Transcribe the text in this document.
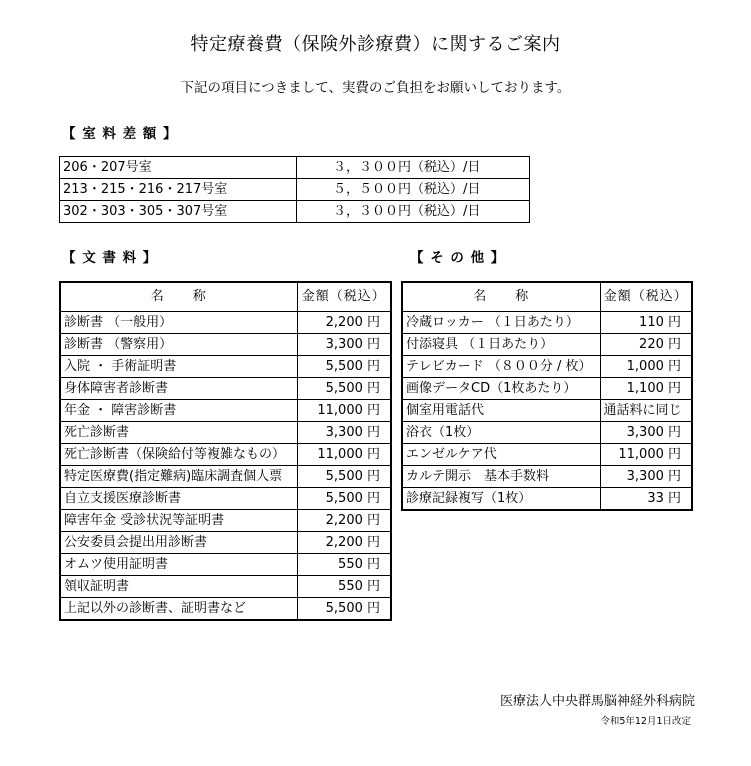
特定療養費（保険外診療費）に関するご案内
下記の項目につきまして、実費のご負担をお願いしております。
【 室 料 差 額 】
206・207号室	３，３００円（税込）/日
213・215・216・217号室	５，５００円（税込）/日
302・303・305・307号室	３，３００円（税込）/日
【 文 書 料 】
名　　称	金額（税込）
診断書 （一般用）	2,200 円
診断書 （警察用）	3,300 円
入院 ・ 手術証明書	5,500 円
身体障害者診断書	5,500 円
年金 ・ 障害診断書	11,000 円
死亡診断書	3,300 円
死亡診断書（保険給付等複雑なもの）	11,000 円
特定医療費(指定難病)臨床調査個人票	5,500 円
自立支援医療診断書	5,500 円
障害年金 受診状況等証明書	2,200 円
公安委員会提出用診断書	2,200 円
オムツ使用証明書	550 円
領収証明書	550 円
上記以外の診断書、証明書など	5,500 円
【 そ の 他 】
名　　称	金額（税込）
冷蔵ロッカー （１日あたり）	110 円
付添寝具 （１日あたり）	220 円
テレビカード （８００分 / 枚）	1,000 円
画像データCD（1枚あたり）	1,100 円
個室用電話代	通話料に同じ
浴衣（1枚）	3,300 円
エンゼルケア代	11,000 円
カルテ開示　基本手数料	3,300 円
診療記録複写（1枚）	33 円
医療法人中央群馬脳神経外科病院
令和5年12月1日改定
